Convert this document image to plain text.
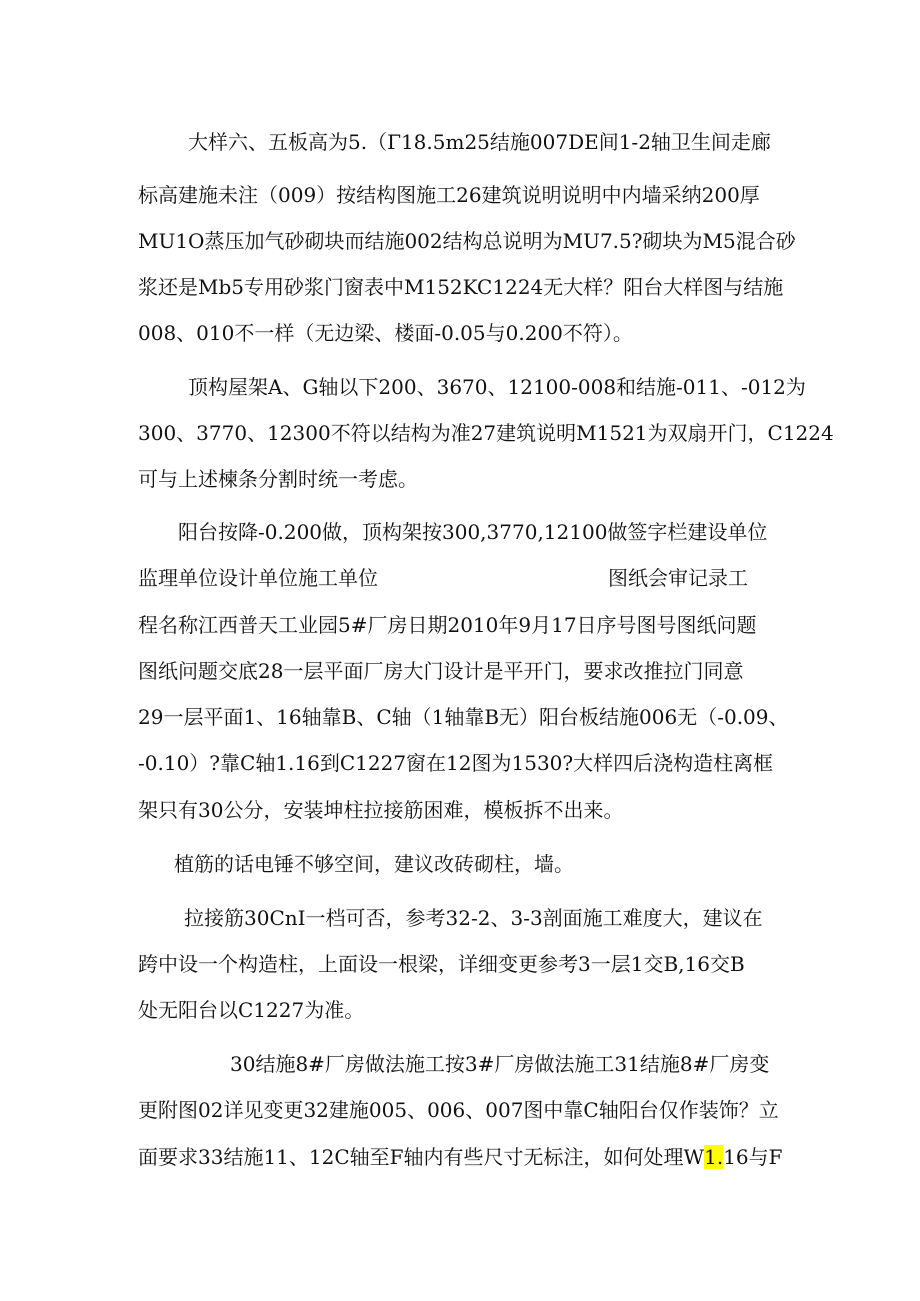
大样六、五板高为5.（Γ18.5m25结施007DE间1-2轴卫生间走廊
标高建施未注（009）按结构图施工26建筑说明说明中内墙采纳200厚
MU1O蒸压加气砂砌块而结施002结构总说明为MU7.5?砌块为M5混合砂
浆还是Mb5专用砂浆门窗表中M152KC1224无大样？阳台大样图与结施
008、010不一样（无边梁、楼面-0.05与0.200不符）。
顶构屋架A、G轴以下200、3670、12100-008和结施-011、-012为
300、3770、12300不符以结构为准27建筑说明M1521为双扇开门，C1224
可与上述楝条分割时统一考虑。
阳台按降-0.200做，顶构架按300,3770,12100做签字栏建设单位
监理单位设计单位施工单位	图纸会审记录工
程名称江西普天工业园5#厂房日期2010年9月17日序号图号图纸问题
图纸问题交底28一层平面厂房大门设计是平开门，要求改推拉门同意
29一层平面1、16轴靠B、C轴（1轴靠B无）阳台板结施006无（-0.09、
-0.10）?靠C轴1.16到C1227窗在12图为1530?大样四后浇构造柱离框
架只有30公分，安装坤柱拉接筋困难，模板拆不出来。
植筋的话电锤不够空间，建议改砖砌柱，墙。
拉接筋30CnI一档可否，参考32-2、3-3剖面施工难度大，建议在
跨中设一个构造柱，上面设一根梁，详细变更参考3一层1交B,16交B
处无阳台以C1227为准。
30结施8#厂房做法施工按3#厂房做法施工31结施8#厂房变
更附图02详见变更32建施005、006、007图中靠C轴阳台仅作装饰？立
面要求33结施11、12C轴至F轴内有些尺寸无标注，如何处理W1.16与F
